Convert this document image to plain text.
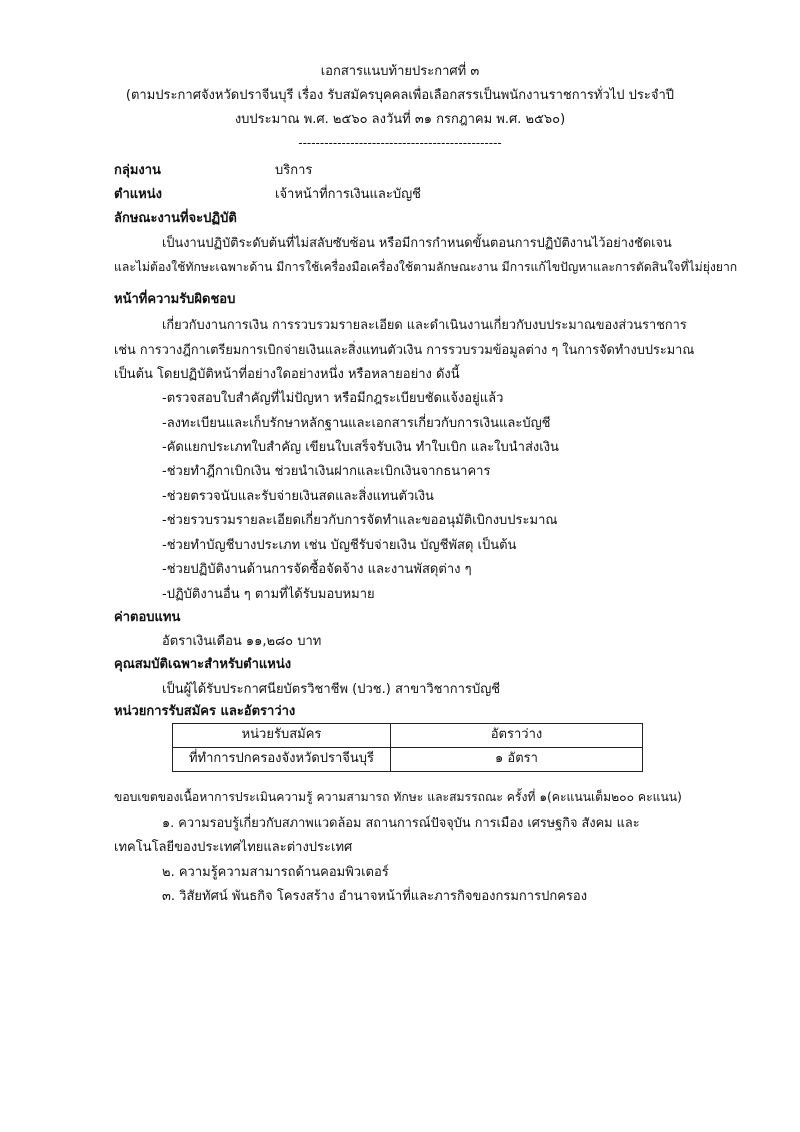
เอกสารแนบท้ายประกาศที่ ๓
(ตามประกาศจังหวัดปราจีนบุรี เรื่อง รับสมัครบุคคลเพื่อเลือกสรรเป็นพนักงานราชการทั่วไป ประจำปี
งบประมาณ พ.ศ. ๒๕๖๐ ลงวันที่ ๓๑ กรกฎาคม พ.ศ. ๒๕๖๐)
-----------------------------------------------
กลุ่มงาน	บริการ
ตำแหน่ง	เจ้าหน้าที่การเงินและบัญชี
ลักษณะงานที่จะปฏิบัติ
เป็นงานปฏิบัติระดับต้นที่ไม่สลับซับซ้อน หรือมีการกำหนดขั้นตอนการปฏิบัติงานไว้อย่างชัดเจน
และไม่ต้องใช้ทักษะเฉพาะด้าน มีการใช้เครื่องมือเครื่องใช้ตามลักษณะงาน มีการแก้ไขปัญหาและการตัดสินใจที่ไม่ยุ่งยาก
หน้าที่ความรับผิดชอบ
เกี่ยวกับงานการเงิน การรวบรวมรายละเอียด และดำเนินงานเกี่ยวกับงบประมาณของส่วนราชการ
เช่น การวางฎีกาเตรียมการเบิกจ่ายเงินและสิ่งแทนตัวเงิน การรวบรวมข้อมูลต่าง ๆ ในการจัดทำงบประมาณ
เป็นต้น โดยปฏิบัติหน้าที่อย่างใดอย่างหนึ่ง หรือหลายอย่าง ดังนี้
-ตรวจสอบใบสำคัญที่ไม่ปัญหา หรือมีกฎระเบียบชัดแจ้งอยู่แล้ว
-ลงทะเบียนและเก็บรักษาหลักฐานและเอกสารเกี่ยวกับการเงินและบัญชี
-คัดแยกประเภทใบสำคัญ เขียนใบเสร็จรับเงิน ทำใบเบิก และใบนำส่งเงิน
-ช่วยทำฎีกาเบิกเงิน ช่วยนำเงินฝากและเบิกเงินจากธนาคาร
-ช่วยตรวจนับและรับจ่ายเงินสดและสิ่งแทนตัวเงิน
-ช่วยรวบรวมรายละเอียดเกี่ยวกับการจัดทำและขออนุมัติเบิกงบประมาณ
-ช่วยทำบัญชีบางประเภท เช่น บัญชีรับจ่ายเงิน บัญชีพัสดุ เป็นต้น
-ช่วยปฏิบัติงานด้านการจัดซื้อจัดจ้าง และงานพัสดุต่าง ๆ
-ปฏิบัติงานอื่น ๆ ตามที่ได้รับมอบหมาย
ค่าตอบแทน
อัตราเงินเดือน ๑๑,๒๘๐ บาท
คุณสมบัติเฉพาะสำหรับตำแหน่ง
เป็นผู้ได้รับประกาศนียบัตรวิชาชีพ (ปวช.) สาขาวิชาการบัญชี
หน่วยการรับสมัคร และอัตราว่าง
หน่วยรับสมัคร	อัตราว่าง
ที่ทำการปกครองจังหวัดปราจีนบุรี	๑ อัตรา
ขอบเขตของเนื้อหาการประเมินความรู้ ความสามารถ ทักษะ และสมรรถณะ ครั้งที่ ๑(คะแนนเต็ม๒๐๐ คะแนน)
๑. ความรอบรู้เกี่ยวกับสภาพแวดล้อม สถานการณ์ปัจจุบัน การเมือง เศรษฐกิจ สังคม และ
เทคโนโลยีของประเทศไทยและต่างประเทศ
๒. ความรู้ความสามารถด้านคอมพิวเตอร์
๓. วิสัยทัศน์ พันธกิจ โครงสร้าง อำนาจหน้าที่และภารกิจของกรมการปกครอง
